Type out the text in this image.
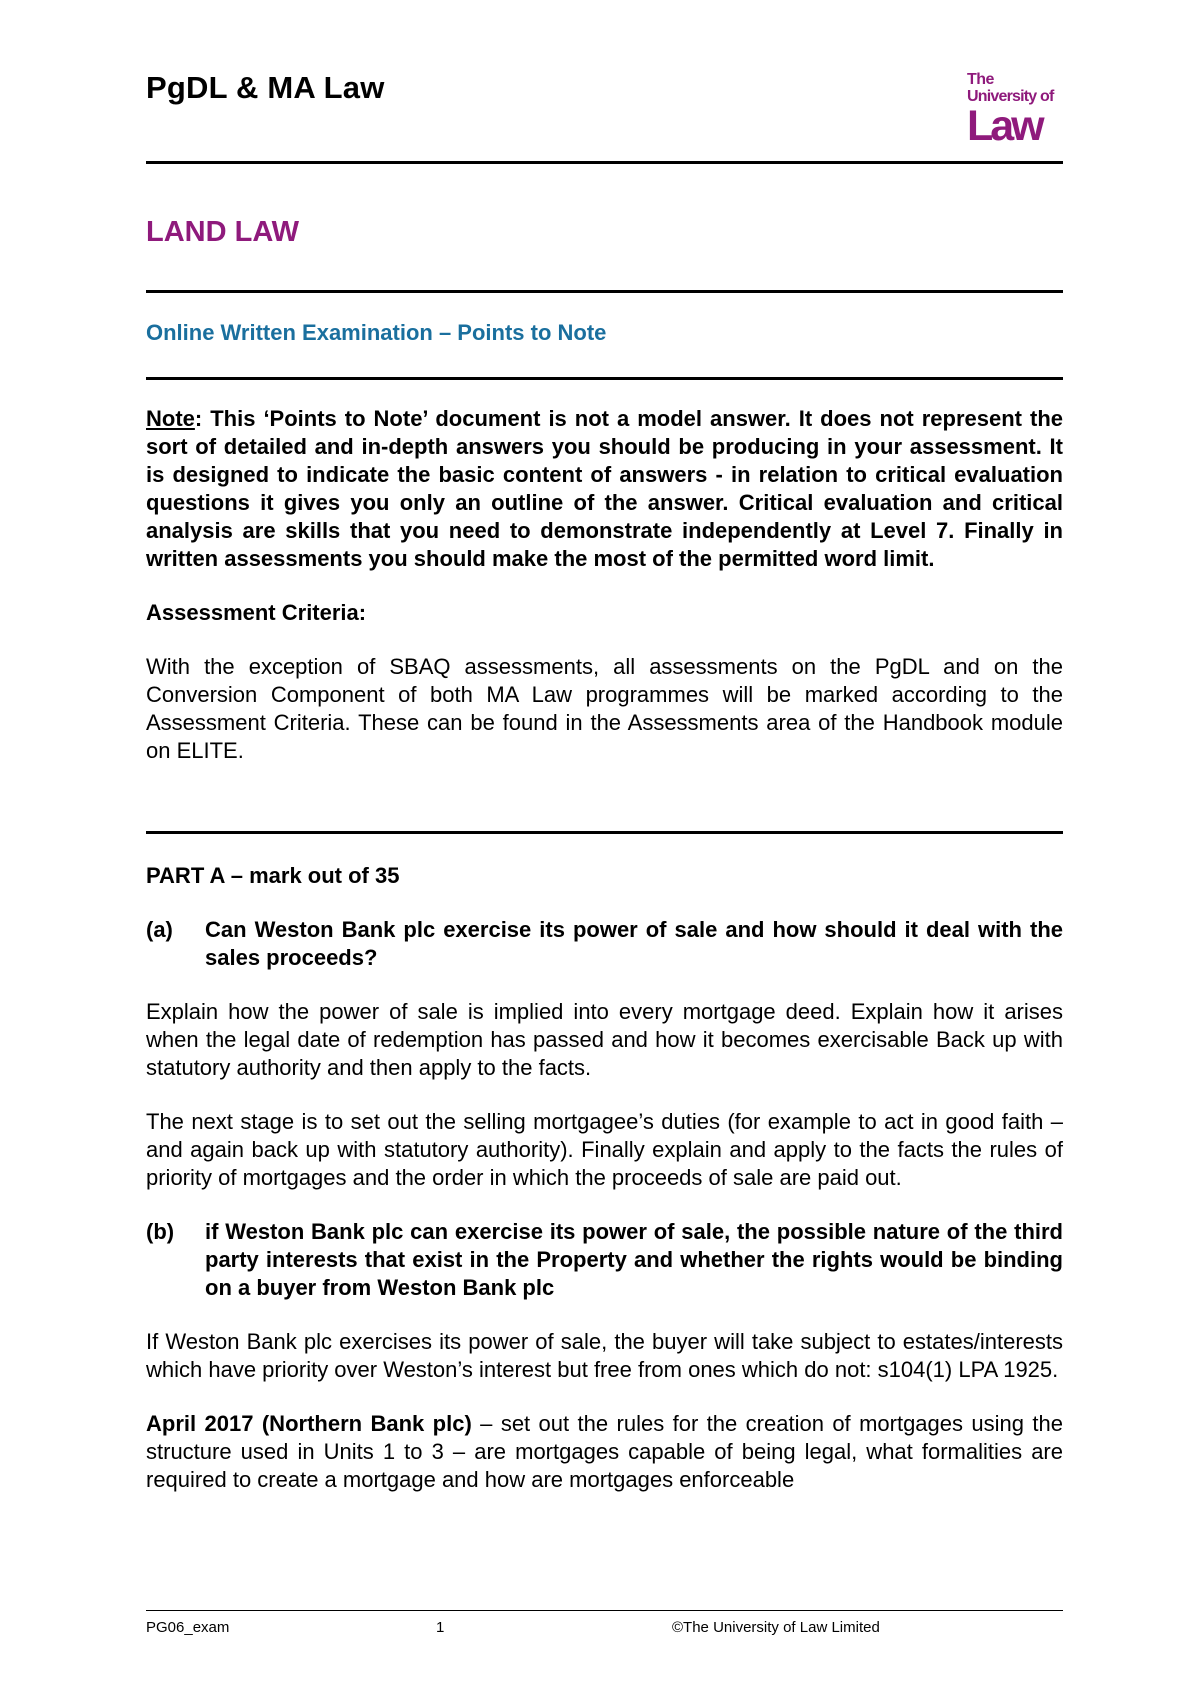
PgDL & MA Law	The
University of
Law
LAND LAW
Online Written Examination – Points to Note

Note: This ‘Points to Note’ document is not a model answer. It does not represent the sort of detailed and in-depth answers you should be producing in your assessment. It is designed to indicate the basic content of answers - in relation to critical evaluation questions it gives you only an outline of the answer. Critical evaluation and critical analysis are skills that you need to demonstrate independently at Level 7. Finally in written assessments you should make the most of the permitted word limit.

Assessment Criteria:

With the exception of SBAQ assessments, all assessments on the PgDL and on the Conversion Component of both MA Law programmes will be marked according to the Assessment Criteria. These can be found in the Assessments area of the Handbook module on ELITE.

PART A – mark out of 35
(a)	Can Weston Bank plc exercise its power of sale and how should it deal with the sales proceeds?

Explain how the power of sale is implied into every mortgage deed. Explain how it arises when the legal date of redemption has passed and how it becomes exercisable Back up with statutory authority and then apply to the facts.

The next stage is to set out the selling mortgagee’s duties (for example to act in good faith – and again back up with statutory authority). Finally explain and apply to the facts the rules of priority of mortgages and the order in which the proceeds of sale are paid out.

(b)	if Weston Bank plc can exercise its power of sale, the possible nature of the third party interests that exist in the Property and whether the rights would be binding on a buyer from Weston Bank plc

If Weston Bank plc exercises its power of sale, the buyer will take subject to estates/interests which have priority over Weston’s interest but free from ones which do not: s104(1) LPA 1925.

April 2017 (Northern Bank plc) – set out the rules for the creation of mortgages using the structure used in Units 1 to 3 – are mortgages capable of being legal, what formalities are required to create a mortgage and how are mortgages enforceable

PG06_exam	1	©The University of Law Limited
